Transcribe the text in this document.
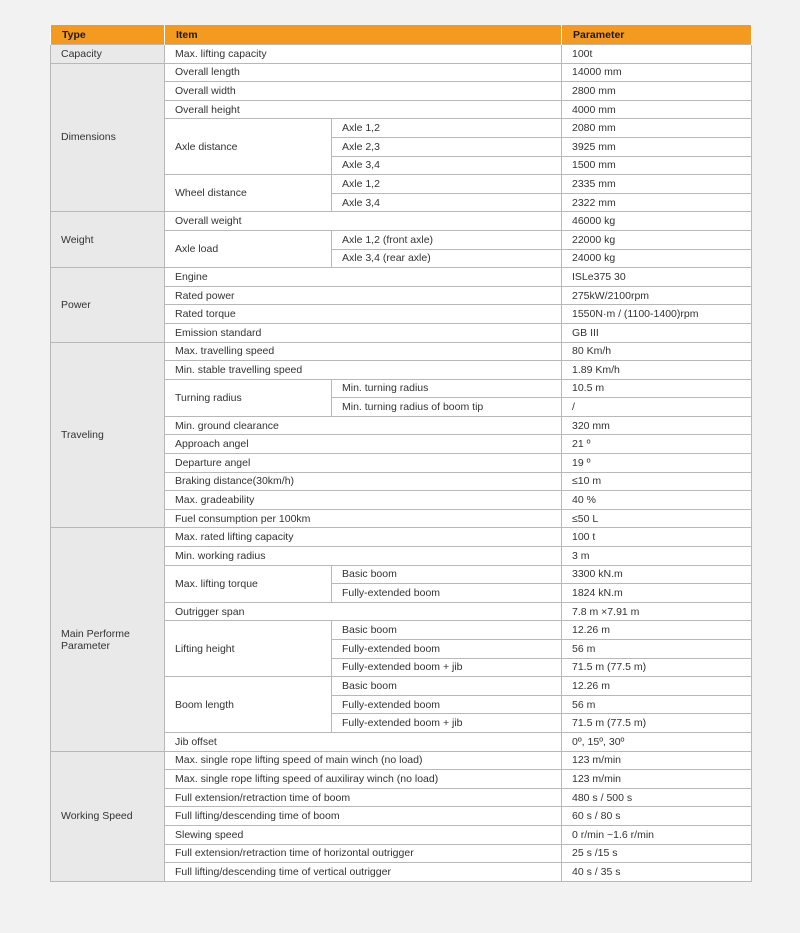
Type	Item		Parameter
Capacity	Max. lifting capacity		100t
Dimensions	Overall length		14000 mm
	Overall width		2800 mm
	Overall height		4000 mm
	Axle distance	Axle 1,2	2080 mm
		Axle 2,3	3925 mm
		Axle 3,4	1500 mm
	Wheel distance	Axle 1,2	2335 mm
		Axle 3,4	2322 mm
Weight	Overall weight		46000 kg
	Axle load	Axle 1,2 (front axle)	22000 kg
		Axle 3,4 (rear axle)	24000 kg
Power	Engine		ISLe375 30
	Rated power		275kW/2100rpm
	Rated torque		1550N·m / (1100-1400)rpm
	Emission standard		GB III
Traveling	Max. travelling speed		80 Km/h
	Min. stable travelling speed		1.89 Km/h
	Turning radius	Min. turning radius	10.5 m
		Min. turning radius of boom tip	/
	Min. ground clearance		320 mm
	Approach angel		21 º
	Departure angel		19 º
	Braking distance(30km/h)		≤10 m
	Max. gradeability		40 %
	Fuel consumption per 100km		≤50 L
Main Performe Parameter	Max. rated lifting capacity		100 t
	Min. working radius		3 m
	Max. lifting torque	Basic boom	3300 kN.m
		Fully-extended boom	1824 kN.m
	Outrigger span		7.8 m ×7.91 m
	Lifting height	Basic boom	12.26 m
		Fully-extended boom	56 m
		Fully-extended boom + jib	71.5 m (77.5 m)
	Boom length	Basic boom	12.26 m
		Fully-extended boom	56 m
		Fully-extended boom + jib	71.5 m (77.5 m)
	Jib offset		0º, 15º, 30º
Working Speed	Max. single rope lifting speed of main winch (no load)		123 m/min
	Max. single rope lifting speed of auxiliray winch (no load)		123 m/min
	Full extension/retraction time of boom		480 s / 500 s
	Full lifting/descending time of boom		60 s / 80 s
	Slewing speed		0 r/min ~1.6 r/min
	Full extension/retraction time of horizontal outrigger		25 s /15 s
	Full lifting/descending time of vertical outrigger		40 s / 35 s
